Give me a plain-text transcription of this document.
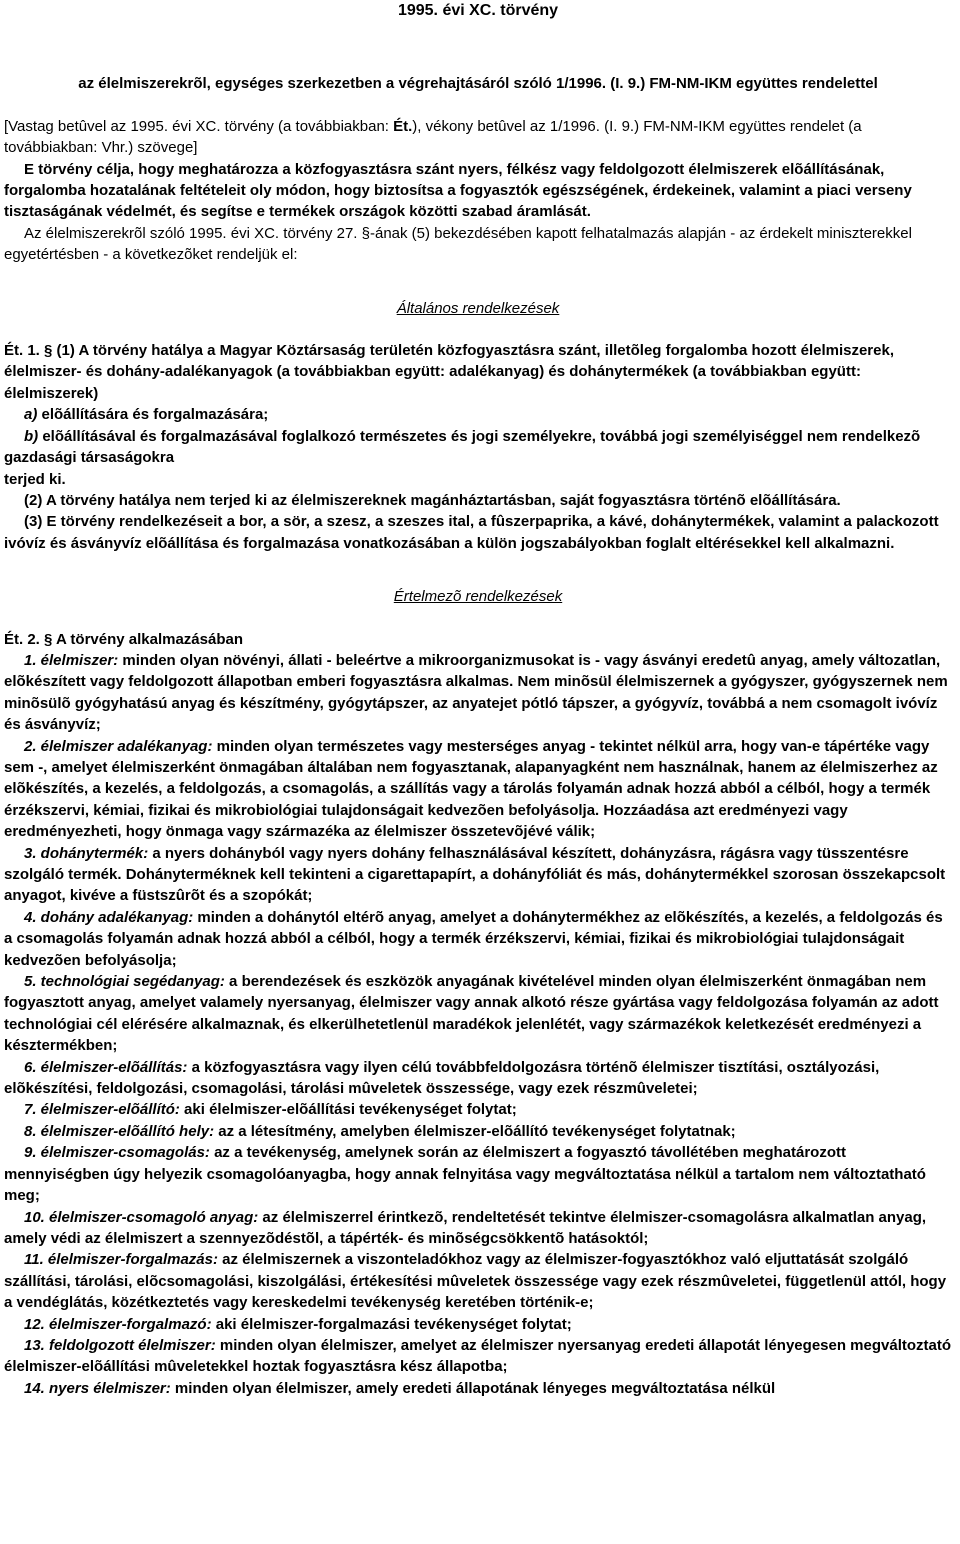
1995. évi XC. törvény

az élelmiszerekrõl, egységes szerkezetben a végrehajtásáról szóló 1/1996. (I. 9.) FM-NM-IKM együttes rendelettel

[Vastag betûvel az 1995. évi XC. törvény (a továbbiakban: Ét.), vékony betûvel az 1/1996. (I. 9.) FM-NM-IKM együttes rendelet (a továbbiakban: Vhr.) szövege]

E törvény célja, hogy meghatározza a közfogyasztásra szánt nyers, félkész vagy feldolgozott élelmiszerek elõállításának, forgalomba hozatalának feltételeit oly módon, hogy biztosítsa a fogyasztók egészségének, érdekeinek, valamint a piaci verseny tisztaságának védelmét, és segítse e termékek országok közötti szabad áramlását.

Az élelmiszerekrõl szóló 1995. évi XC. törvény 27. §-ának (5) bekezdésében kapott felhatalmazás alapján - az érdekelt miniszterekkel egyetértésben - a következõket rendeljük el:

Általános rendelkezések

Ét. 1. § (1) A törvény hatálya a Magyar Köztársaság területén közfogyasztásra szánt, illetõleg forgalomba hozott élelmiszerek, élelmiszer- és dohány-adalékanyagok (a továbbiakban együtt: adalékanyag) és dohánytermékek (a továbbiakban együtt: élelmiszerek)

a) elõállítására és forgalmazására;

b) elõállításával és forgalmazásával foglalkozó természetes és jogi személyekre, továbbá jogi személyiséggel nem rendelkezõ gazdasági társaságokra

terjed ki.

(2) A törvény hatálya nem terjed ki az élelmiszereknek magánháztartásban, saját fogyasztásra történõ elõállítására.

(3) E törvény rendelkezéseit a bor, a sör, a szesz, a szeszes ital, a fûszerpaprika, a kávé, dohánytermékek, valamint a palackozott ivóvíz és ásványvíz elõállítása és forgalmazása vonatkozásában a külön jogszabályokban foglalt eltérésekkel kell alkalmazni.

Értelmezõ rendelkezések

Ét. 2. § A törvény alkalmazásában

1. élelmiszer: minden olyan növényi, állati - beleértve a mikroorganizmusokat is - vagy ásványi eredetû anyag, amely változatlan, elõkészített vagy feldolgozott állapotban emberi fogyasztásra alkalmas. Nem minõsül élelmiszernek a gyógyszer, gyógyszernek nem minõsülõ gyógyhatású anyag és készítmény, gyógytápszer, az anyatejet pótló tápszer, a gyógyvíz, továbbá a nem csomagolt ivóvíz és ásványvíz;

2. élelmiszer adalékanyag: minden olyan természetes vagy mesterséges anyag - tekintet nélkül arra, hogy van-e tápértéke vagy sem -, amelyet élelmiszerként önmagában általában nem fogyasztanak, alapanyagként nem használnak, hanem az élelmiszerhez az elõkészítés, a kezelés, a feldolgozás, a csomagolás, a szállítás vagy a tárolás folyamán adnak hozzá abból a célból, hogy a termék érzékszervi, kémiai, fizikai és mikrobiológiai tulajdonságait kedvezõen befolyásolja. Hozzáadása azt eredményezi vagy eredményezheti, hogy önmaga vagy származéka az élelmiszer összetevõjévé válik;

3. dohánytermék: a nyers dohányból vagy nyers dohány felhasználásával készített, dohányzásra, rágásra vagy tüsszentésre szolgáló termék. Dohányterméknek kell tekinteni a cigarettapapírt, a dohányfóliát és más, dohánytermékkel szorosan összekapcsolt anyagot, kivéve a füstszûrõt és a szopókát;

4. dohány adalékanyag: minden a dohánytól eltérõ anyag, amelyet a dohánytermékhez az elõkészítés, a kezelés, a feldolgozás és a csomagolás folyamán adnak hozzá abból a célból, hogy a termék érzékszervi, kémiai, fizikai és mikrobiológiai tulajdonságait kedvezõen befolyásolja;

5. technológiai segédanyag: a berendezések és eszközök anyagának kivételével minden olyan élelmiszerként önmagában nem fogyasztott anyag, amelyet valamely nyersanyag, élelmiszer vagy annak alkotó része gyártása vagy feldolgozása folyamán az adott technológiai cél elérésére alkalmaznak, és elkerülhetetlenül maradékok jelenlétét, vagy származékok keletkezését eredményezi a késztermékben;

6. élelmiszer-elõállítás: a közfogyasztásra vagy ilyen célú továbbfeldolgozásra történõ élelmiszer tisztítási, osztályozási, elõkészítési, feldolgozási, csomagolási, tárolási mûveletek összessége, vagy ezek részmûveletei;

7. élelmiszer-elõállító: aki élelmiszer-elõállítási tevékenységet folytat;

8. élelmiszer-elõállító hely: az a létesítmény, amelyben élelmiszer-elõállító tevékenységet folytatnak;

9. élelmiszer-csomagolás: az a tevékenység, amelynek során az élelmiszert a fogyasztó távollétében meghatározott mennyiségben úgy helyezik csomagolóanyagba, hogy annak felnyitása vagy megváltoztatása nélkül a tartalom nem változtatható meg;

10. élelmiszer-csomagoló anyag: az élelmiszerrel érintkezõ, rendeltetését tekintve élelmiszer-csomagolásra alkalmatlan anyag, amely védi az élelmiszert a szennyezõdéstõl, a tápérték- és minõségcsökkentõ hatásoktól;

11. élelmiszer-forgalmazás: az élelmiszernek a viszonteladókhoz vagy az élelmiszer-fogyasztókhoz való eljuttatását szolgáló szállítási, tárolási, elõcsomagolási, kiszolgálási, értékesítési mûveletek összessége vagy ezek részmûveletei, függetlenül attól, hogy a vendéglátás, közétkeztetés vagy kereskedelmi tevékenység keretében történik-e;

12. élelmiszer-forgalmazó: aki élelmiszer-forgalmazási tevékenységet folytat;

13. feldolgozott élelmiszer: minden olyan élelmiszer, amelyet az élelmiszer nyersanyag eredeti állapotát lényegesen megváltoztató élelmiszer-elõállítási mûveletekkel hoztak fogyasztásra kész állapotba;

14. nyers élelmiszer: minden olyan élelmiszer, amely eredeti állapotának lényeges megváltoztatása nélkül
